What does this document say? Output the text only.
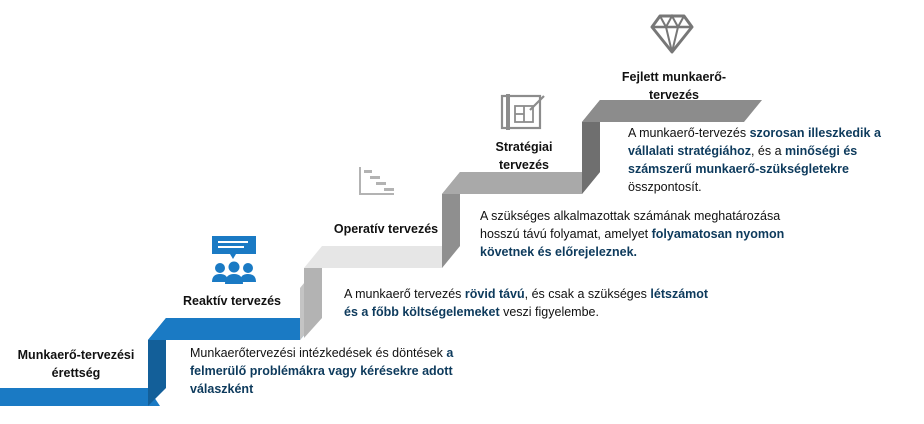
Munkaerő-tervezési érettség
Reaktív tervezés
Operatív tervezés
Stratégiai tervezés
Fejlett munkaerő-tervezés
Munkaerőtervezési intézkedések és döntések a felmerülő problémákra vagy kérésekre adott válaszként
A munkaerő tervezés rövid távú, és csak a szükséges létszámot és a főbb költségelemeket veszi figyelembe.
A szükséges alkalmazottak számának meghatározása hosszú távú folyamat, amelyet folyamatosan nyomon követnek és előrejeleznek.
A munkaerő-tervezés szorosan illeszkedik a vállalati stratégiához, és a minőségi és számszerű munkaerő-szükségletekre összpontosít.
